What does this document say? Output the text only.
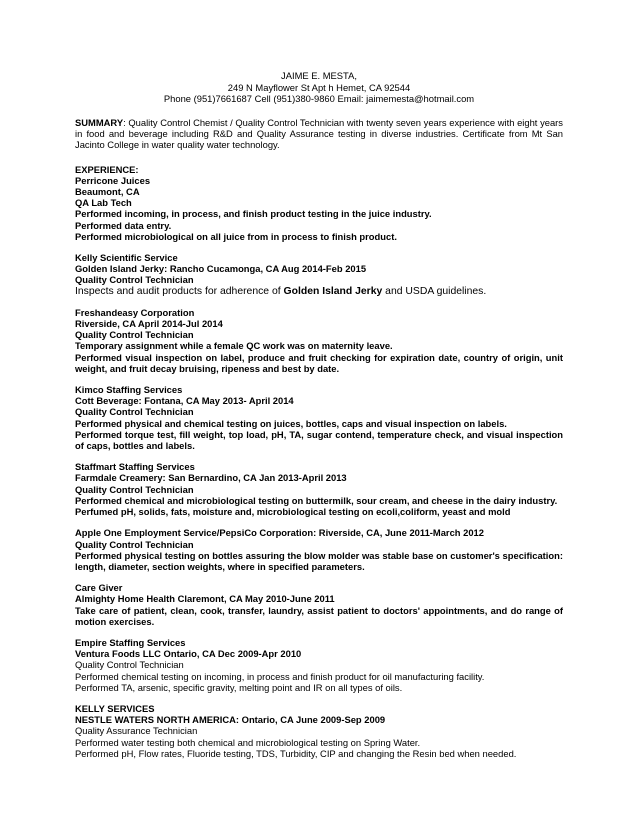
JAIME E. MESTA,
249 N Mayflower St Apt h Hemet, CA 92544
Phone (951)7661687 Cell (951)380-9860 Email: jaimemesta@hotmail.com
SUMMARY: Quality Control Chemist / Quality Control Technician with twenty seven years experience with eight years in food and beverage including R&D and Quality Assurance testing in diverse industries. Certificate from Mt San Jacinto College in water quality water technology.
EXPERIENCE:
Perricone Juices
Beaumont, CA
QA Lab Tech
Performed incoming, in process, and finish product testing in the juice industry.
Performed data entry.
Performed microbiological on all juice from in process to finish product.
Kelly Scientific Service
Golden Island Jerky: Rancho Cucamonga, CA Aug 2014-Feb 2015
Quality Control Technician
Inspects and audit products for adherence of Golden Island Jerky and USDA guidelines.
Freshandeasy Corporation
Riverside, CA April 2014-Jul 2014
Quality Control Technician
Temporary assignment while a female QC work was on maternity leave.
Performed visual inspection on label, produce and fruit checking for expiration date, country of origin, unit weight, and fruit decay bruising, ripeness and best by date.
Kimco Staffing Services
Cott Beverage: Fontana, CA May 2013- April 2014
Quality Control Technician
Performed physical and chemical testing on juices, bottles, caps and visual inspection on labels.
Performed torque test, fill weight, top load, pH, TA, sugar contend, temperature check, and visual inspection of caps, bottles and labels.
Staffmart Staffing Services
Farmdale Creamery: San Bernardino, CA Jan 2013-April 2013
Quality Control Technician
Performed chemical and microbiological testing on buttermilk, sour cream, and cheese in the dairy industry.
Perfumed pH, solids, fats, moisture and, microbiological testing on ecoli,coliform, yeast and mold
Apple One Employment Service/PepsiCo Corporation: Riverside, CA, June 2011-March 2012
Quality Control Technician
Performed physical testing on bottles assuring the blow molder was stable base on customer's specification: length, diameter, section weights, where in specified parameters.
Care Giver
Almighty Home Health Claremont, CA May 2010-June 2011
Take care of patient, clean, cook, transfer, laundry, assist patient to doctors' appointments, and do range of motion exercises.
Empire Staffing Services
Ventura Foods LLC Ontario, CA Dec 2009-Apr 2010
Quality Control Technician
Performed chemical testing on incoming, in process and finish product for oil manufacturing facility.
Performed TA, arsenic, specific gravity, melting point and IR on all types of oils.
KELLY SERVICES
NESTLE WATERS NORTH AMERICA: Ontario, CA June 2009-Sep 2009
Quality Assurance Technician
Performed water testing both chemical and microbiological testing on Spring Water.
Performed pH, Flow rates, Fluoride testing, TDS, Turbidity, CIP and changing the Resin bed when needed.
